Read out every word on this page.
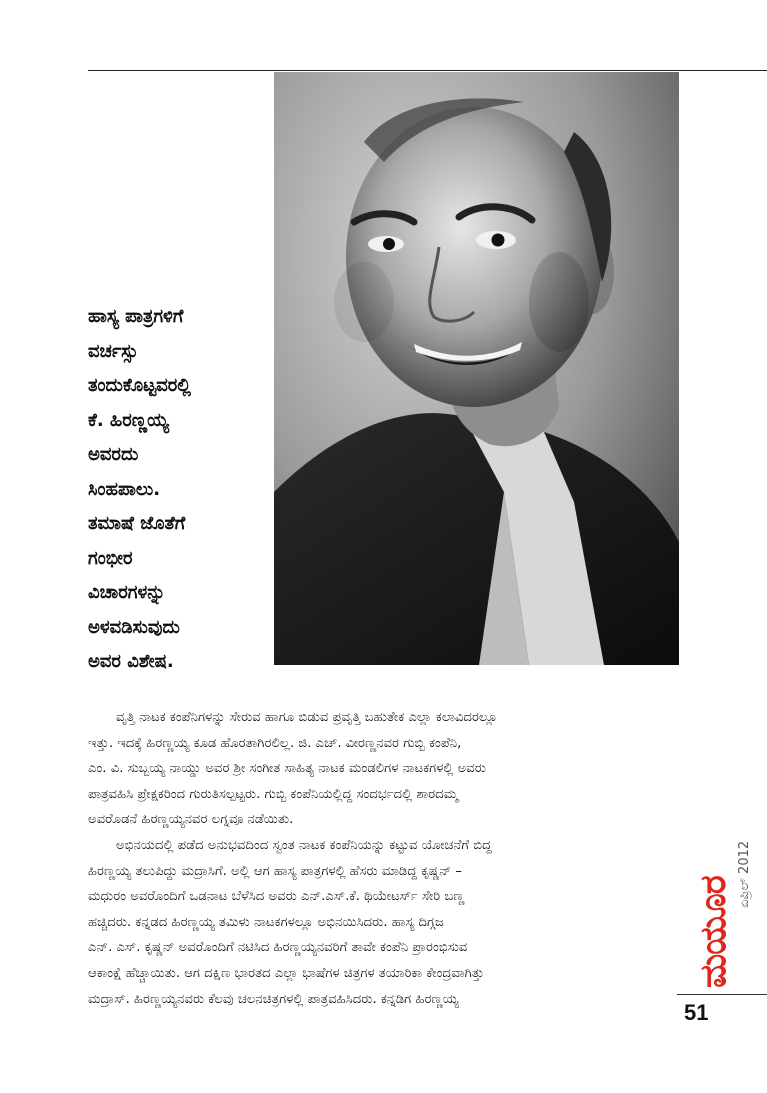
ಹಾಸ್ಯ ಪಾತ್ರಗಳಿಗೆ
ವರ್ಚಸ್ಸು
ತಂದುಕೊಟ್ಟವರಲ್ಲಿ
ಕೆ. ಹಿರಣ್ಣಯ್ಯ
ಅವರದು
ಸಿಂಹಪಾಲು.
ತಮಾಷೆ ಜೊತೆಗೆ
ಗಂಭೀರ
ವಿಚಾರಗಳನ್ನು
ಅಳವಡಿಸುವುದು
ಅವರ ವಿಶೇಷ.

ವೃತ್ತಿ ನಾಟಕ ಕಂಪೆನಿಗಳನ್ನು ಸೇರುವ ಹಾಗೂ ಬಿಡುವ ಪ್ರವೃತ್ತಿ ಬಹುತೇಕ ಎಲ್ಲಾ ಕಲಾವಿದರಲ್ಲೂ
ಇತ್ತು. ಇದಕ್ಕೆ ಹಿರಣ್ಣಯ್ಯ ಕೂಡ ಹೊರತಾಗಿರಲಿಲ್ಲ. ಜಿ. ಎಚ್. ವೀರಣ್ಣನವರ ಗುಬ್ಬಿ ಕಂಪೆನಿ,
ಎಂ. ವಿ. ಸುಬ್ಬಯ್ಯ ನಾಯ್ಡು ಅವರ ಶ್ರೀ ಸಂಗೀತ ಸಾಹಿತ್ಯ ನಾಟಕ ಮಂಡಲಿಗಳ ನಾಟಕಗಳಲ್ಲಿ ಅವರು
ಪಾತ್ರವಹಿಸಿ ಪ್ರೇಕ್ಷಕರಿಂದ ಗುರುತಿಸಲ್ಪಟ್ಟರು. ಗುಬ್ಬಿ ಕಂಪೆನಿಯಲ್ಲಿದ್ದ ಸಂದರ್ಭದಲ್ಲಿ ಶಾರದಮ್ಮ
ಅವರೊಡನೆ ಹಿರಣ್ಣಯ್ಯನವರ ಲಗ್ನವೂ ನಡೆಯಿತು.

ಅಭಿನಯದಲ್ಲಿ ಪಡೆದ ಅನುಭವದಿಂದ ಸ್ವಂತ ನಾಟಕ ಕಂಪೆನಿಯನ್ನು ಕಟ್ಟುವ ಯೋಚನೆಗೆ ಬಿದ್ದ
ಹಿರಣ್ಣಯ್ಯ ತಲುಪಿದ್ದು ಮದ್ರಾಸಿಗೆ. ಅಲ್ಲಿ ಆಗ ಹಾಸ್ಯ ಪಾತ್ರಗಳಲ್ಲಿ ಹೆಸರು ಮಾಡಿದ್ದ ಕೃಷ್ಣನ್ –
ಮಧುರಂ ಅವರೊಂದಿಗೆ ಒಡನಾಟ ಬೆಳೆಸಿದ ಅವರು ಎನ್.ಎಸ್.ಕೆ. ಥಿಯೇಟರ್ಸ್ ಸೇರಿ ಬಣ್ಣ
ಹಚ್ಚಿದರು. ಕನ್ನಡದ ಹಿರಣ್ಣಯ್ಯ ತಮಿಳು ನಾಟಕಗಳಲ್ಲೂ ಅಭಿನಯಿಸಿದರು. ಹಾಸ್ಯ ದಿಗ್ಗಜ
ಎನ್. ಎಸ್. ಕೃಷ್ಣನ್ ಅವರೊಂದಿಗೆ ನಟಿಸಿದ ಹಿರಣ್ಣಯ್ಯನವರಿಗೆ ತಾವೇ ಕಂಪೆನಿ ಪ್ರಾರಂಭಿಸುವ
ಆಕಾಂಕ್ಷೆ ಹೆಚ್ಚಾಯಿತು. ಆಗ ದಕ್ಷಿಣ ಭಾರತದ ಎಲ್ಲಾ ಭಾಷೆಗಳ ಚಿತ್ರಗಳ ತಯಾರಿಕಾ ಕೇಂದ್ರವಾಗಿತ್ತು
ಮದ್ರಾಸ್. ಹಿರಣ್ಣಯ್ಯನವರು ಕೆಲವು ಚಲನಚಿತ್ರಗಳಲ್ಲಿ ಪಾತ್ರವಹಿಸಿದರು. ಕನ್ನಡಿಗ ಹಿರಣ್ಣಯ್ಯ

ಮಯೂರ
ಏಪ್ರಿಲ್ 2012
51
